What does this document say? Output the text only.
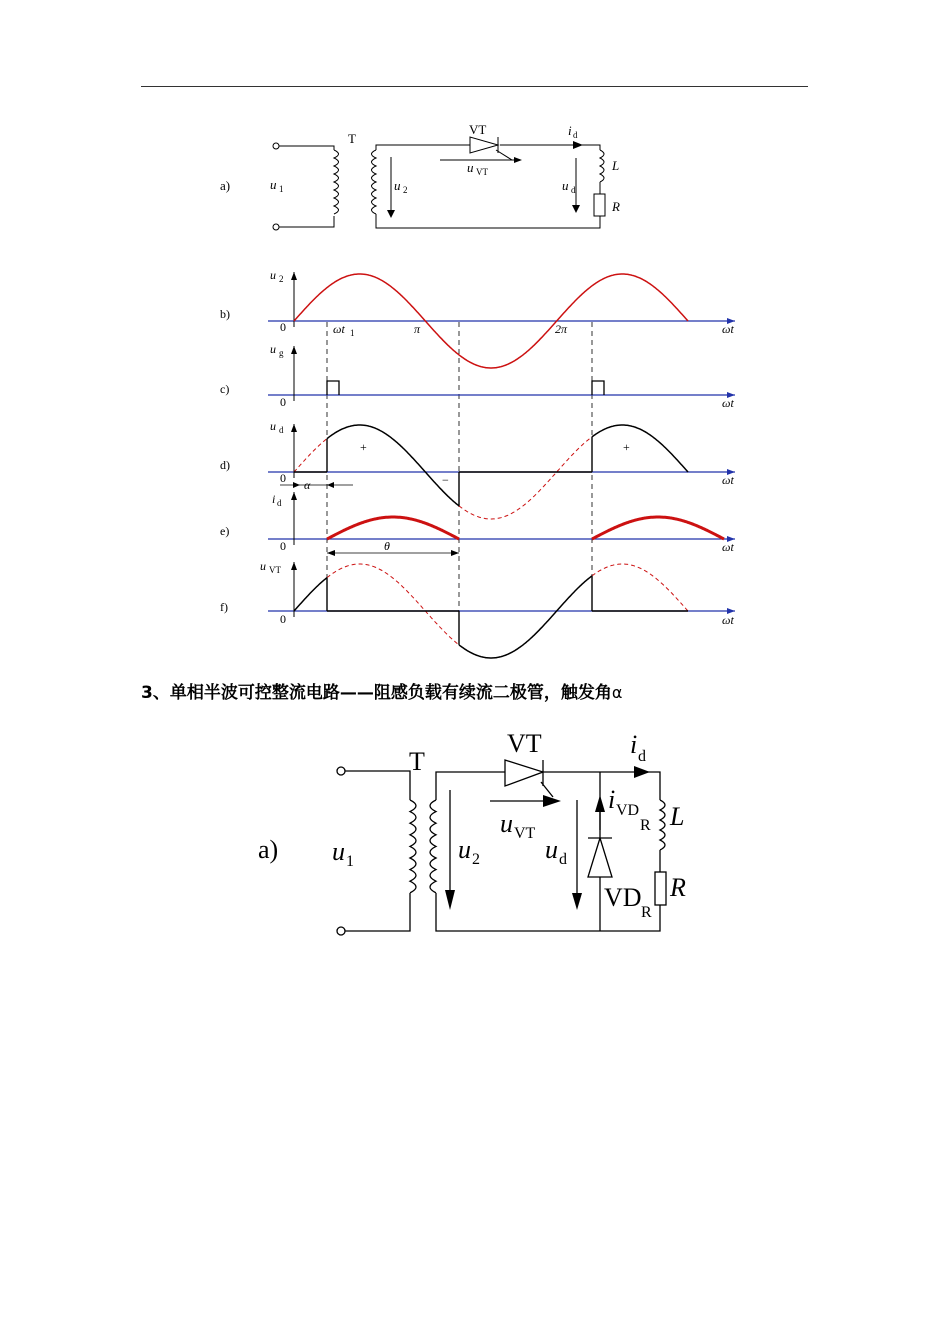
a)
T
VT
u 1	u 2
u VT
i d
u d
L
R
b)
c)
d)
e)
f)
u 2
0	ωt 1	π	2π	ωt
u g
0	ωt
u d
0
+	+
−
α	ωt
i d
0	θ	ωt
u VT
0	ωt
3、单相半波可控整流电路——阻感负载有续流二极管，触发角α
a)
T
VT
u 1	u 2
u VT
i d
u d
i VD
R
VD
R
L
R
